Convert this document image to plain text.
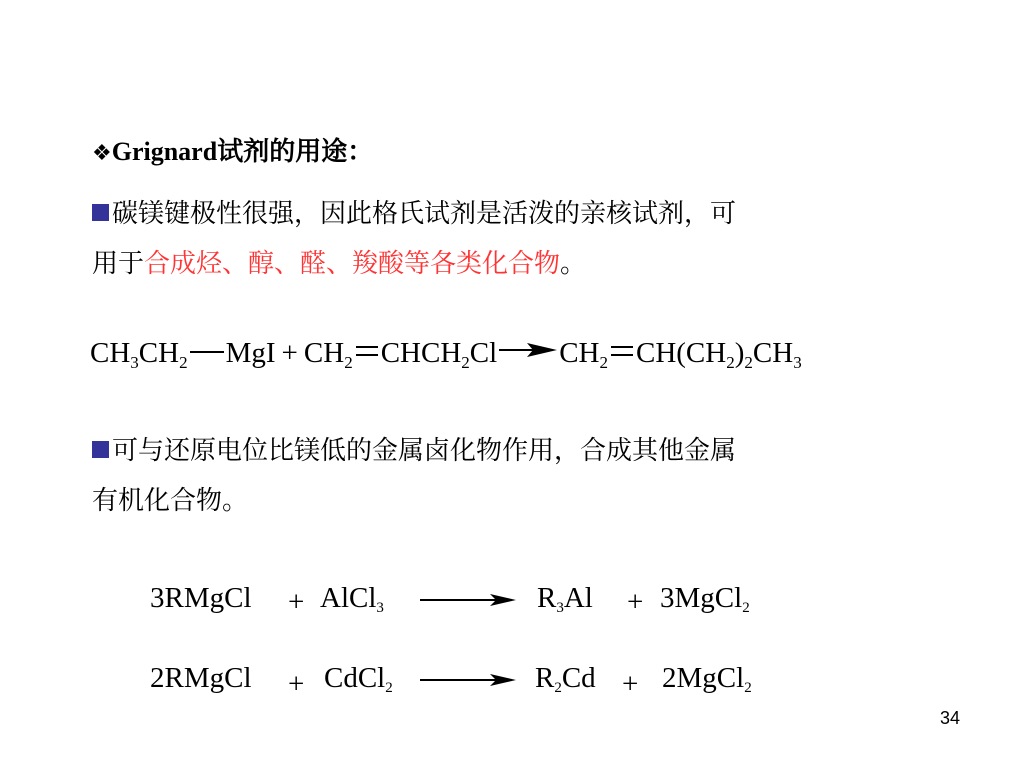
❖Grignard试剂的用途：
碳镁键极性很强，因此格氏试剂是活泼的亲核试剂，可
用于合成烃、醇、醛、羧酸等各类化合物。
$CH_3CH_2$ MgI + $CH_2$ $CHCH_2Cl \to CH_2$ $CH(CH_2)_2CH_3$
可与还原电位比镁低的金属卤化物作用，合成其他金属
有机化合物。
3RMgCl + AlCl$_3$	$R_3Al$ + 3MgCl$_2$
2RMgCl + CdCl$_2$	$R_2Cd$ + 2MgCl$_2$
34
